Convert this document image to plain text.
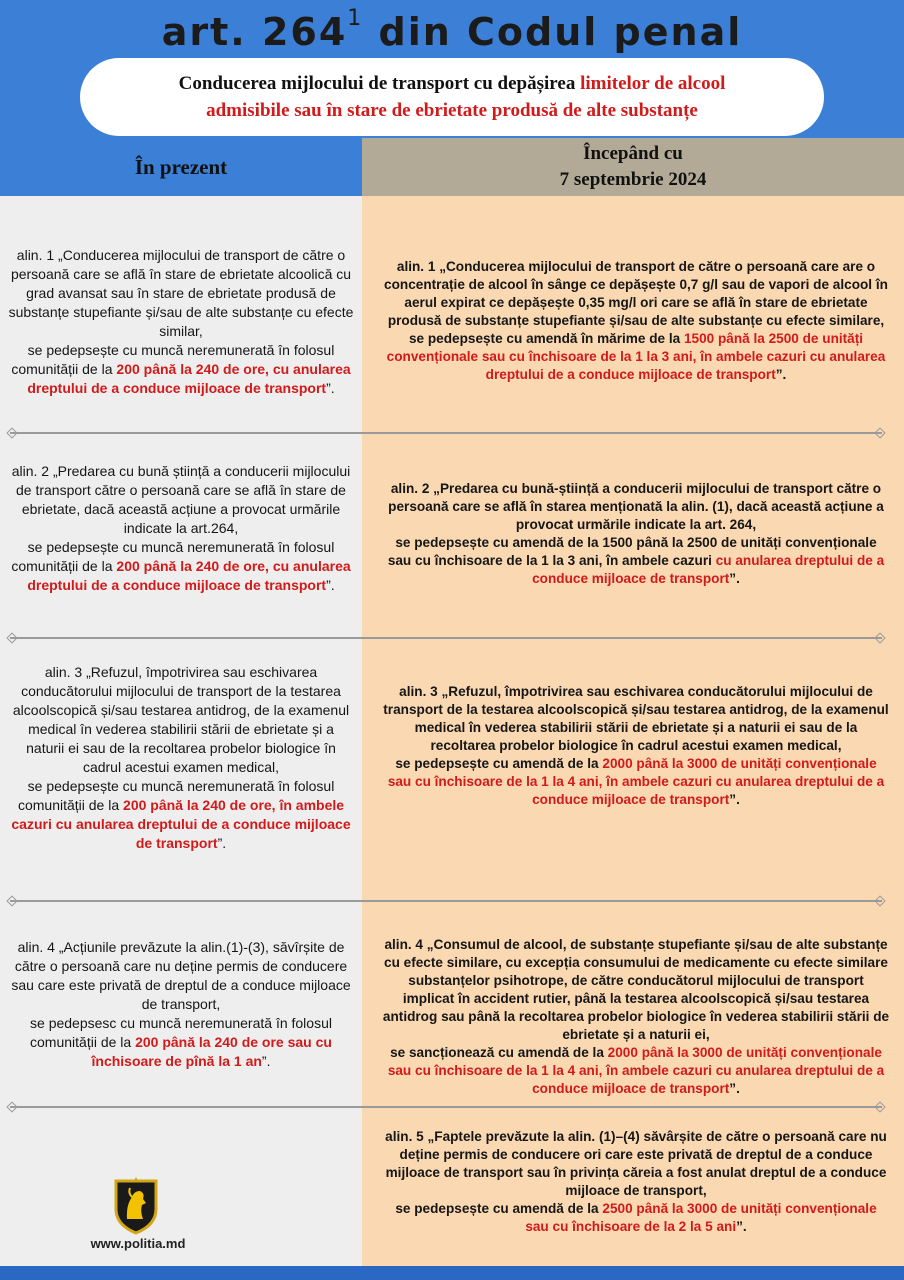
art. $264^1$ din Codul penal
Conducerea mijlocului de transport cu depășirea limitelor de alcool
admisibile sau în stare de ebrietate produsă de alte substanțe
În prezent
Începând cu
7 septembrie 2024
alin. 1 „Conducerea mijlocului de transport de către o persoană care se află în stare de ebrietate alcoolică cu grad avansat sau în stare de ebrietate produsă de substanțe stupefiante și/sau de alte substanțe cu efecte similar,
se pedepsește cu muncă neremunerată în folosul comunității de la 200 până la 240 de ore, cu anularea dreptului de a conduce mijloace de transport”.
alin. 2 „Predarea cu bună știință a conducerii mijlocului de transport către o persoană care se află în stare de ebrietate, dacă această acțiune a provocat urmările indicate la art.264,
se pedepsește cu muncă neremunerată în folosul comunității de la 200 până la 240 de ore, cu anularea dreptului de a conduce mijloace de transport”.
alin. 3 „Refuzul, împotrivirea sau eschivarea conducătorului mijlocului de transport de la testarea alcoolscopică și/sau testarea antidrog, de la examenul medical în vederea stabilirii stării de ebrietate și a naturii ei sau de la recoltarea probelor biologice în cadrul acestui examen medical,
se pedepsește cu muncă neremunerată în folosul comunității de la 200 până la 240 de ore, în ambele cazuri cu anularea dreptului de a conduce mijloace de transport”.
alin. 4 „Acțiunile prevăzute la alin.(1)-(3), săvîrșite de către o persoană care nu deține permis de conducere sau care este privată de dreptul de a conduce mijloace de transport,
se pedepsesc cu muncă neremunerată în folosul comunității de la 200 până la 240 de ore sau cu închisoare de pînă la 1 an”.
alin. 1 „Conducerea mijlocului de transport de către o persoană care are o concentrație de alcool în sânge ce depășește 0,7 g/l sau de vapori de alcool în aerul expirat ce depășește 0,35 mg/l ori care se află în stare de ebrietate produsă de substanțe stupefiante și/sau de alte substanțe cu efecte similare,
se pedepsește cu amendă în mărime de la 1500 până la 2500 de unități convenționale sau cu închisoare de la 1 la 3 ani, în ambele cazuri cu anularea dreptului de a conduce mijloace de transport”.
alin. 2 „Predarea cu bună-știință a conducerii mijlocului de transport către o persoană care se află în starea menționată la alin. (1), dacă această acțiune a provocat urmările indicate la art. 264,
se pedepsește cu amendă de la 1500 până la 2500 de unități convenționale sau cu închisoare de la 1 la 3 ani, în ambele cazuri cu anularea dreptului de a conduce mijloace de transport”.
alin. 3 „Refuzul, împotrivirea sau eschivarea conducătorului mijlocului de transport de la testarea alcoolscopică și/sau testarea antidrog, de la examenul medical în vederea stabilirii stării de ebrietate și a naturii ei sau de la recoltarea probelor biologice în cadrul acestui examen medical,
se pedepsește cu amendă de la 2000 până la 3000 de unități convenționale sau cu închisoare de la 1 la 4 ani, în ambele cazuri cu anularea dreptului de a conduce mijloace de transport”.
alin. 4 „Consumul de alcool, de substanțe stupefiante și/sau de alte substanțe cu efecte similare, cu excepția consumului de medicamente cu efecte similare substanțelor psihotrope, de către conducătorul mijlocului de transport implicat în accident rutier, până la testarea alcoolscopică și/sau testarea antidrog sau până la recoltarea probelor biologice în vederea stabilirii stării de ebrietate și a naturii ei,
se sancționează cu amendă de la 2000 până la 3000 de unități convenționale sau cu închisoare de la 1 la 4 ani, în ambele cazuri cu anularea dreptului de a conduce mijloace de transport”.
alin. 5 „Faptele prevăzute la alin. (1)–(4) săvârșite de către o persoană care nu deține permis de conducere ori care este privată de dreptul de a conduce mijloace de transport sau în privința căreia a fost anulat dreptul de a conduce mijloace de transport,
se pedepsește cu amendă de la 2500 până la 3000 de unități convenționale sau cu închisoare de la 2 la 5 ani”.
www.politia.md
